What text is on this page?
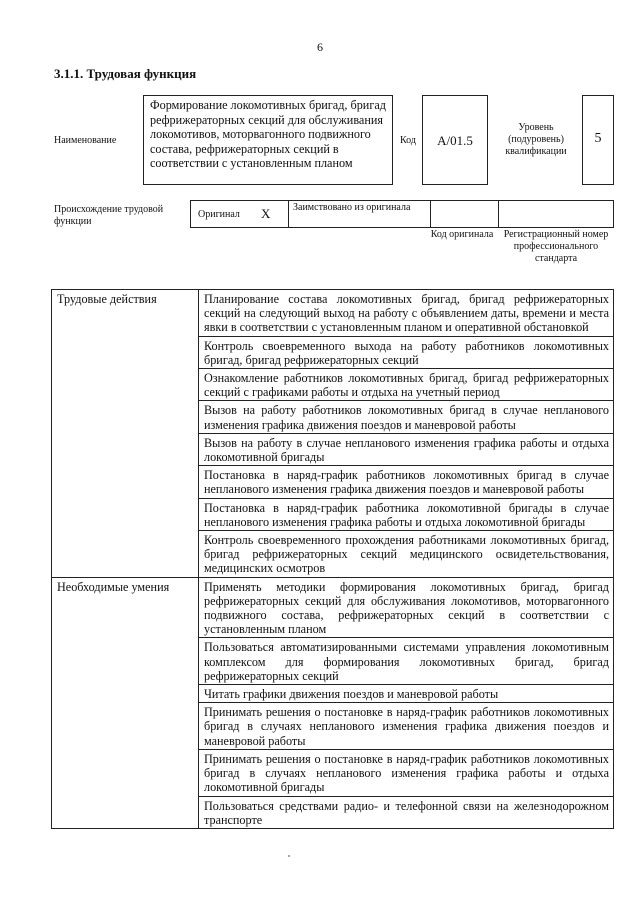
6
3.1.1. Трудовая функция
Наименование
Формирование локомотивных бригад, бригад рефрижераторных секций для обслуживания локомотивов, моторвагонного подвижного состава, рефрижераторных секций в соответствии с установленным планом
Код	A/01.5
Уровень (подуровень) квалификации
5
Происхождение трудовой функции
Оригинал X Заимствовано из оригинала
Код оригинала	Регистрационный номер профессионального стандарта
Трудовые действия	Планирование состава локомотивных бригад, бригад рефрижераторных секций на следующий выход на работу с объявлением даты, времени и места явки в соответствии с установленным планом и оперативной обстановкой
	Контроль своевременного выхода на работу работников локомотивных бригад, бригад рефрижераторных секций
	Ознакомление работников локомотивных бригад, бригад рефрижераторных секций с графиками работы и отдыха на учетный период
	Вызов на работу работников локомотивных бригад в случае непланового изменения графика движения поездов и маневровой работы
	Вызов на работу в случае непланового изменения графика работы и отдыха локомотивной бригады
	Постановка в наряд-график работников локомотивных бригад в случае непланового изменения графика движения поездов и маневровой работы
	Постановка в наряд-график работника локомотивной бригады в случае непланового изменения графика работы и отдыха локомотивной бригады
	Контроль своевременного прохождения работниками локомотивных бригад, бригад рефрижераторных секций медицинского освидетельствования, медицинских осмотров
Необходимые умения	Применять методики формирования локомотивных бригад, бригад рефрижераторных секций для обслуживания локомотивов, моторвагонного подвижного состава, рефрижераторных секций в соответствии с установленным планом
	Пользоваться автоматизированными системами управления локомотивным комплексом для формирования локомотивных бригад, бригад рефрижераторных секций
	Читать графики движения поездов и маневровой работы
	Принимать решения о постановке в наряд-график работников локомотивных бригад в случаях непланового изменения графика движения поездов и маневровой работы
	Принимать решения о постановке в наряд-график работников локомотивных бригад в случаях непланового изменения графика работы и отдыха локомотивной бригады
	Пользоваться средствами радио- и телефонной связи на железнодорожном транспорте
